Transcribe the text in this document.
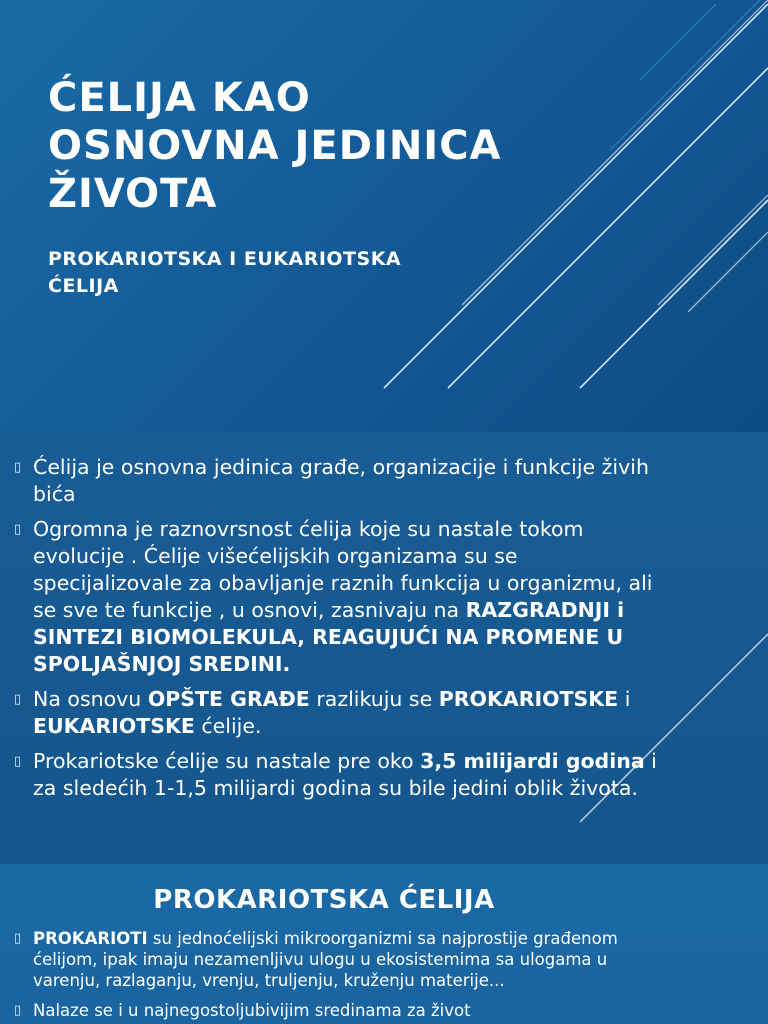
ĆELIJA KAO
OSNOVNA JEDINICA
ŽIVOTA
PROKARIOTSKA I EUKARIOTSKA
ĆELIJA
▯ Ćelija je osnovna jedinica građe, organizacije i funkcije živih
bića
▯ Ogromna je raznovrsnost ćelija koje su nastale tokom
evolucije . Ćelije višećelijskih organizama su se
specijalizovale za obavljanje raznih funkcija u organizmu, ali
se sve te funkcije , u osnovi, zasnivaju na RAZGRADNJI i
SINTEZI BIOMOLEKULA, REAGUJUĆI NA PROMENE U
SPOLJAŠNJOJ SREDINI.
▯ Na osnovu OPŠTE GRAĐE razlikuju se PROKARIOTSKE i
EUKARIOTSKE ćelije.
▯ Prokariotske ćelije su nastale pre oko 3,5 milijardi godina i
za sledećih 1-1,5 milijardi godina su bile jedini oblik života.
PROKARIOTSKA ĆELIJA
▯ PROKARIOTI su jednoćelijski mikroorganizmi sa najprostije građenom
ćelijom, ipak imaju nezamenljivu ulogu u ekosistemima sa ulogama u
varenju, razlaganju, vrenju, truljenju, kruženju materije...
▯ Nalaze se i u najnegostoljubivijim sredinama za život
